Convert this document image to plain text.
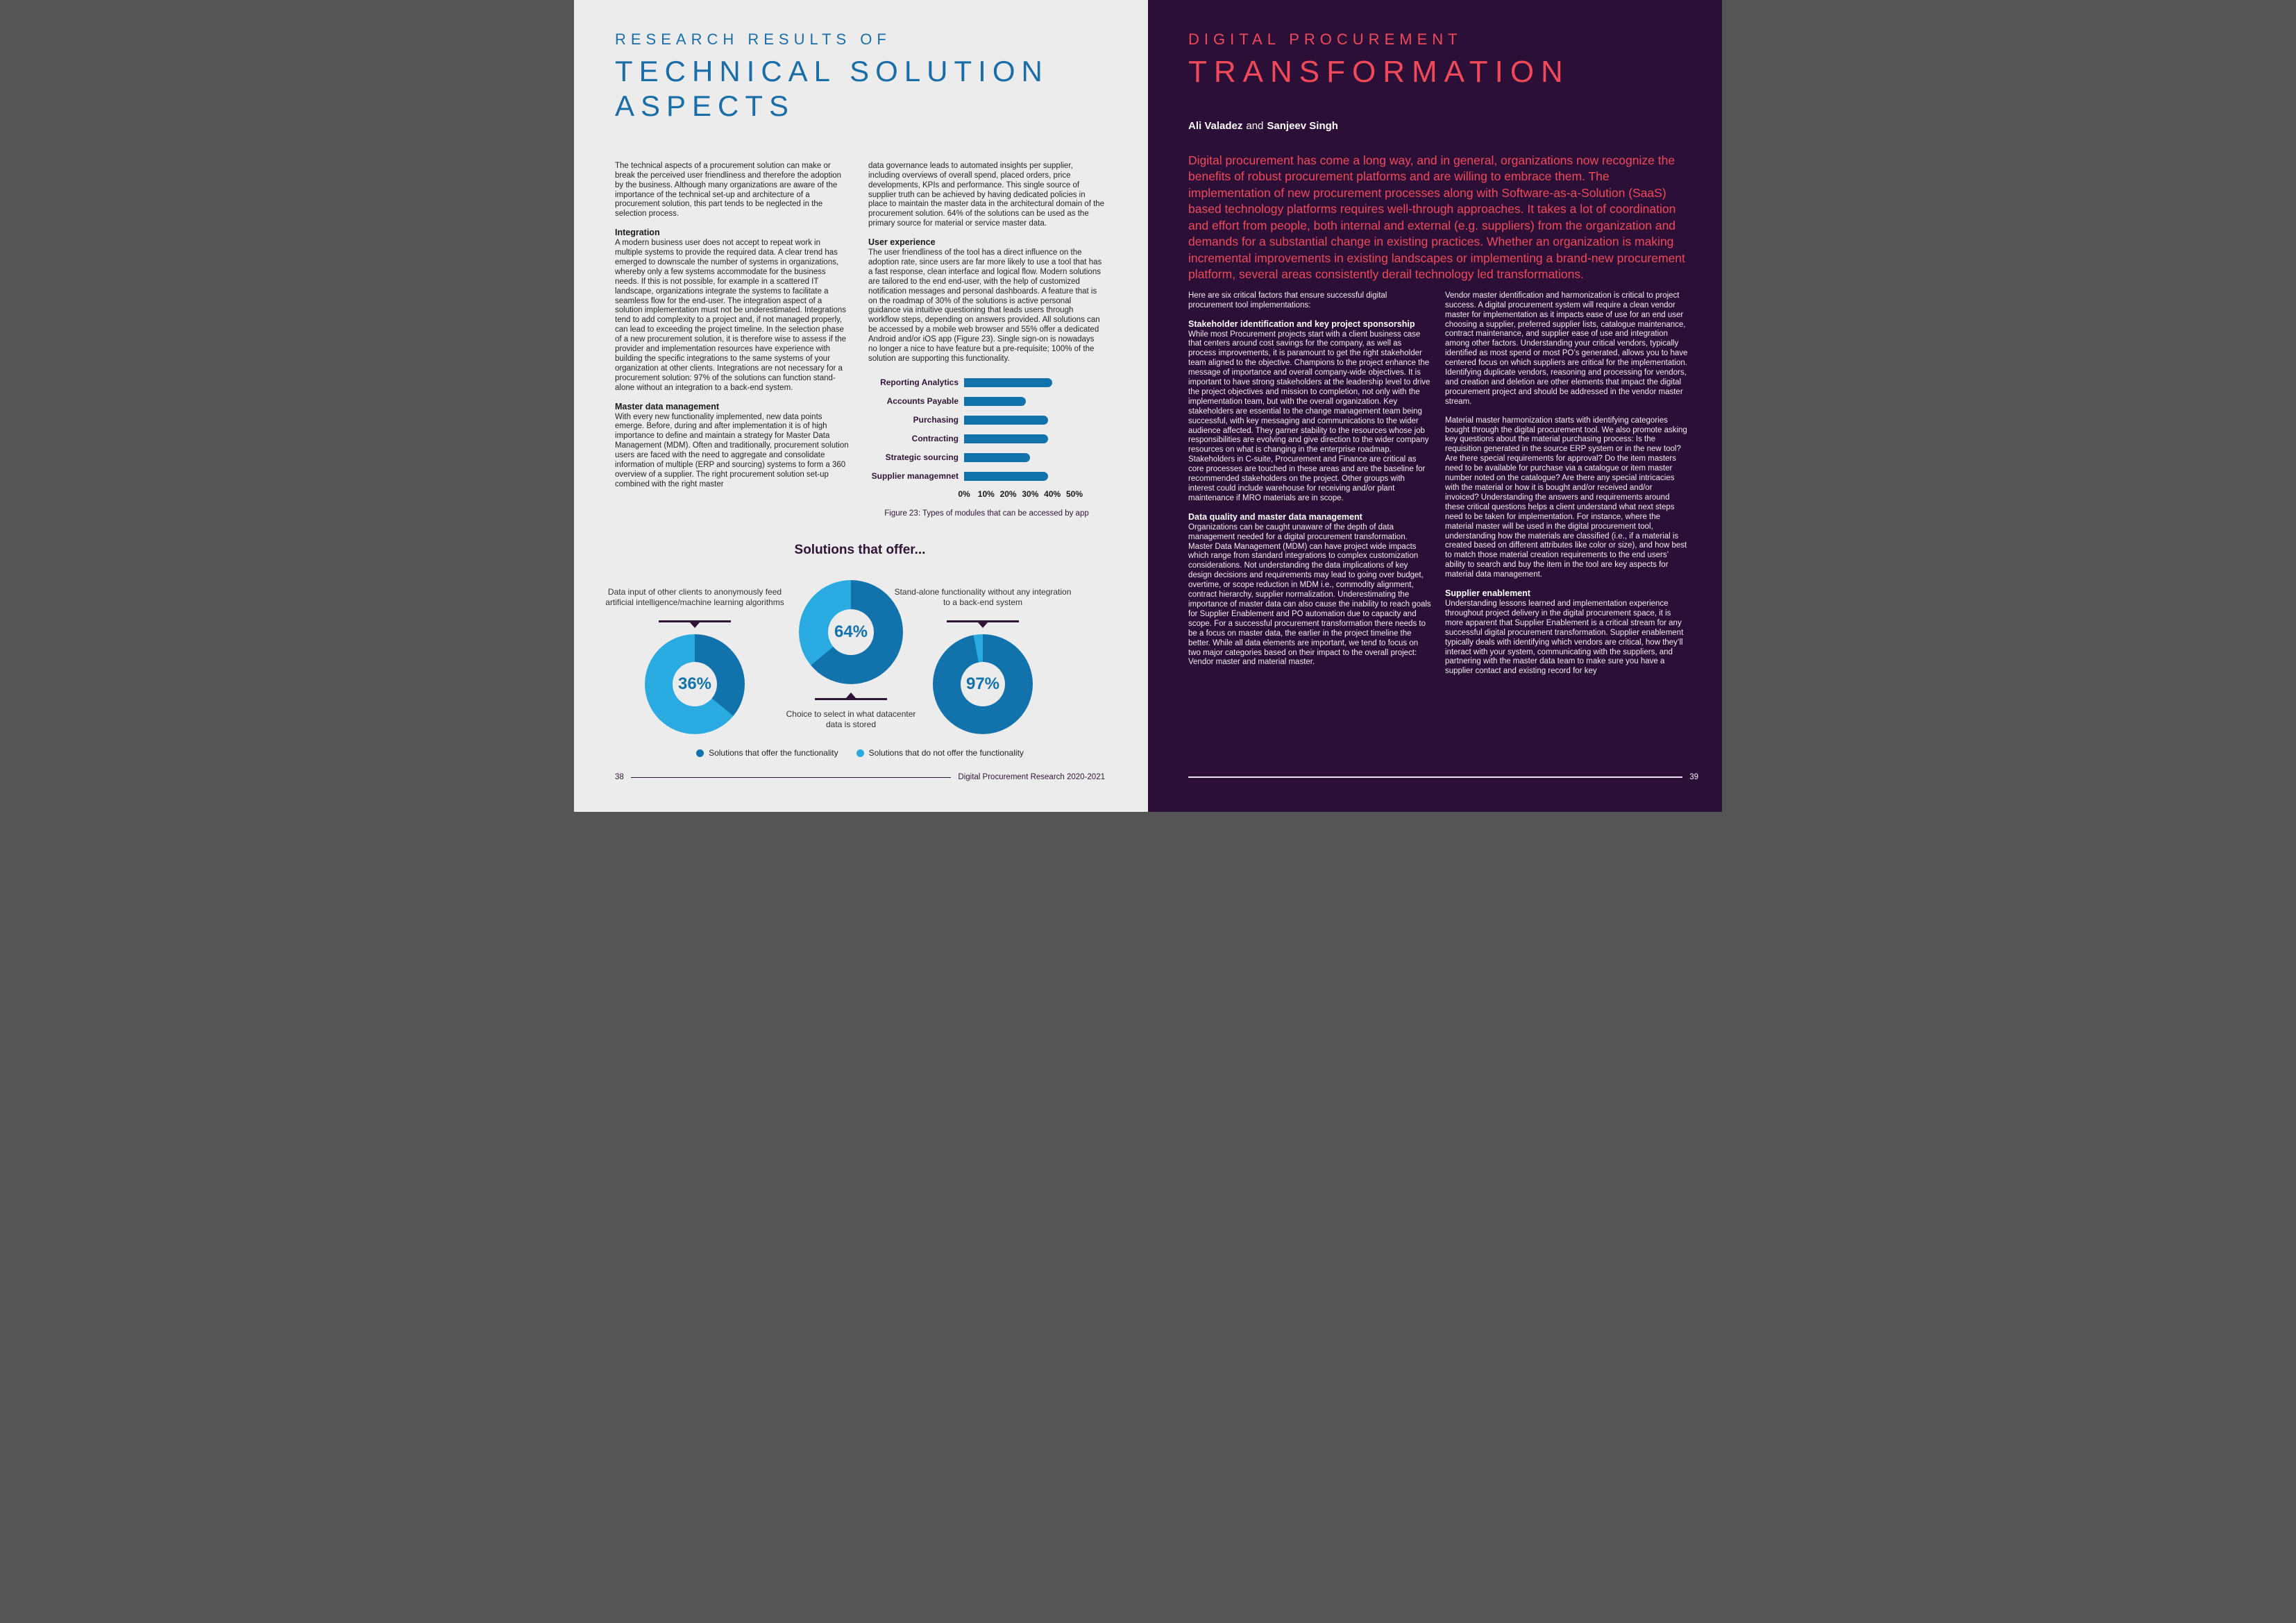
RESEARCH RESULTS OF
TECHNICAL SOLUTION
ASPECTS

The technical aspects of a procurement solution can make or break the perceived user friendliness and therefore the adoption by the business. Although many organizations are aware of the importance of the technical set-up and architecture of a procurement solution, this part tends to be neglected in the selection process.

Integration

A modern business user does not accept to repeat work in multiple systems to provide the required data. A clear trend has emerged to downscale the number of systems in organizations, whereby only a few systems accommodate for the business needs. If this is not possible, for example in a scattered IT landscape, organizations integrate the systems to facilitate a seamless flow for the end-user. The integration aspect of a solution implementation must not be underestimated. Integrations tend to add complexity to a project and, if not managed properly, can lead to exceeding the project timeline. In the selection phase of a new procurement solution, it is therefore wise to assess if the provider and implementation resources have experience with building the specific integrations to the same systems of your organization at other clients. Integrations are not necessary for a procurement solution: 97% of the solutions can function stand-alone without an integration to a back-end system.

Master data management

With every new functionality implemented, new data points emerge. Before, during and after implementation it is of high importance to define and maintain a strategy for Master Data Management (MDM). Often and traditionally, procurement solution users are faced with the need to aggregate and consolidate information of multiple (ERP and sourcing) systems to form a 360 overview of a supplier. The right procurement solution set-up combined with the right master

data governance leads to automated insights per supplier, including overviews of overall spend, placed orders, price developments, KPIs and performance. This single source of supplier truth can be achieved by having dedicated policies in place to maintain the master data in the architectural domain of the procurement solution. 64% of the solutions can be used as the primary source for material or service master data.

User experience

The user friendliness of the tool has a direct influence on the adoption rate, since users are far more likely to use a tool that has a fast response, clean interface and logical flow. Modern solutions are tailored to the end end-user, with the help of customized notification messages and personal dashboards. A feature that is on the roadmap of 30% of the solutions is active personal guidance via intuitive questioning that leads users through workflow steps, depending on answers provided. All solutions can be accessed by a mobile web browser and 55% offer a dedicated Android and/or iOS app (Figure 23). Single sign-on is nowadays no longer a nice to have feature but a pre-requisite; 100% of the solution are supporting this functionality.

Reporting Analytics
Accounts Payable
Purchasing
Contracting
Strategic sourcing
Supplier managemnet
0% 10% 20% 30% 40% 50%
Figure 23: Types of modules that can be accessed by app
Solutions that offer...
Data input of other clients to anonymously feed artificial intelligence/machine learning algorithms
36%
64%
Choice to select in what datacenter data is stored
Stand-alone functionality without any integration to a back-end system
97%
Solutions that offer the functionality	Solutions that do not offer the functionality
38	Digital Procurement Research 2020-2021
DIGITAL PROCUREMENT
TRANSFORMATION
Ali Valadez and Sanjeev Singh
Digital procurement has come a long way, and in general, organizations now recognize the benefits of robust procurement platforms and are willing to embrace them. The implementation of new procurement processes along with Software-as-a-Solution (SaaS) based technology platforms requires well-through approaches. It takes a lot of coordination and effort from people, both internal and external (e.g. suppliers) from the organization and demands for a substantial change in existing practices. Whether an organization is making incremental improvements in existing landscapes or implementing a brand-new procurement platform, several areas consistently derail technology led transformations.

Here are six critical factors that ensure successful digital procurement tool implementations:

Stakeholder identification and key project sponsorship

While most Procurement projects start with a client business case that centers around cost savings for the company, as well as process improvements, it is paramount to get the right stakeholder team aligned to the objective. Champions to the project enhance the message of importance and overall company-wide objectives. It is important to have strong stakeholders at the leadership level to drive the project objectives and mission to completion, not only with the implementation team, but with the overall organization. Key stakeholders are essential to the change management team being successful, with key messaging and communications to the wider audience affected. They garner stability to the resources whose job responsibilities are evolving and give direction to the wider company resources on what is changing in the enterprise roadmap. Stakeholders in C-suite, Procurement and Finance are critical as core processes are touched in these areas and are the baseline for recommended stakeholders on the project. Other groups with interest could include warehouse for receiving and/or plant maintenance if MRO materials are in scope.

Data quality and master data management

Organizations can be caught unaware of the depth of data management needed for a digital procurement transformation. Master Data Management (MDM) can have project wide impacts which range from standard integrations to complex customization considerations. Not understanding the data implications of key design decisions and requirements may lead to going over budget, overtime, or scope reduction in MDM i.e., commodity alignment, contract hierarchy, supplier normalization. Underestimating the importance of master data can also cause the inability to reach goals for Supplier Enablement and PO automation due to capacity and scope. For a successful procurement transformation there needs to be a focus on master data, the earlier in the project timeline the better. While all data elements are important, we tend to focus on two major categories based on their impact to the overall project: Vendor master and material master.

Vendor master identification and harmonization is critical to project success. A digital procurement system will require a clean vendor master for implementation as it impacts ease of use for an end user choosing a supplier, preferred supplier lists, catalogue maintenance, contract maintenance, and supplier ease of use and integration among other factors. Understanding your critical vendors, typically identified as most spend or most PO’s generated, allows you to have centered focus on which suppliers are critical for the implementation. Identifying duplicate vendors, reasoning and processing for vendors, and creation and deletion are other elements that impact the digital procurement project and should be addressed in the vendor master stream.

Material master harmonization starts with identifying categories bought through the digital procurement tool. We also promote asking key questions about the material purchasing process: Is the requisition generated in the source ERP system or in the new tool? Are there special requirements for approval? Do the item masters need to be available for purchase via a catalogue or item master number noted on the catalogue? Are there any special intricacies with the material or how it is bought and/or received and/or invoiced? Understanding the answers and requirements around these critical questions helps a client understand what next steps need to be taken for implementation. For instance, where the material master will be used in the digital procurement tool, understanding how the materials are classified (i.e., if a material is created based on different attributes like color or size), and how best to match those material creation requirements to the end users’ ability to search and buy the item in the tool are key aspects for material data management.

Supplier enablement

Understanding lessons learned and implementation experience throughout project delivery in the digital procurement space, it is more apparent that Supplier Enablement is a critical stream for any successful digital procurement transformation. Supplier enablement typically deals with identifying which vendors are critical, how they’ll interact with your system, communicating with the suppliers, and partnering with the master data team to make sure you have a supplier contact and existing record for key

39
